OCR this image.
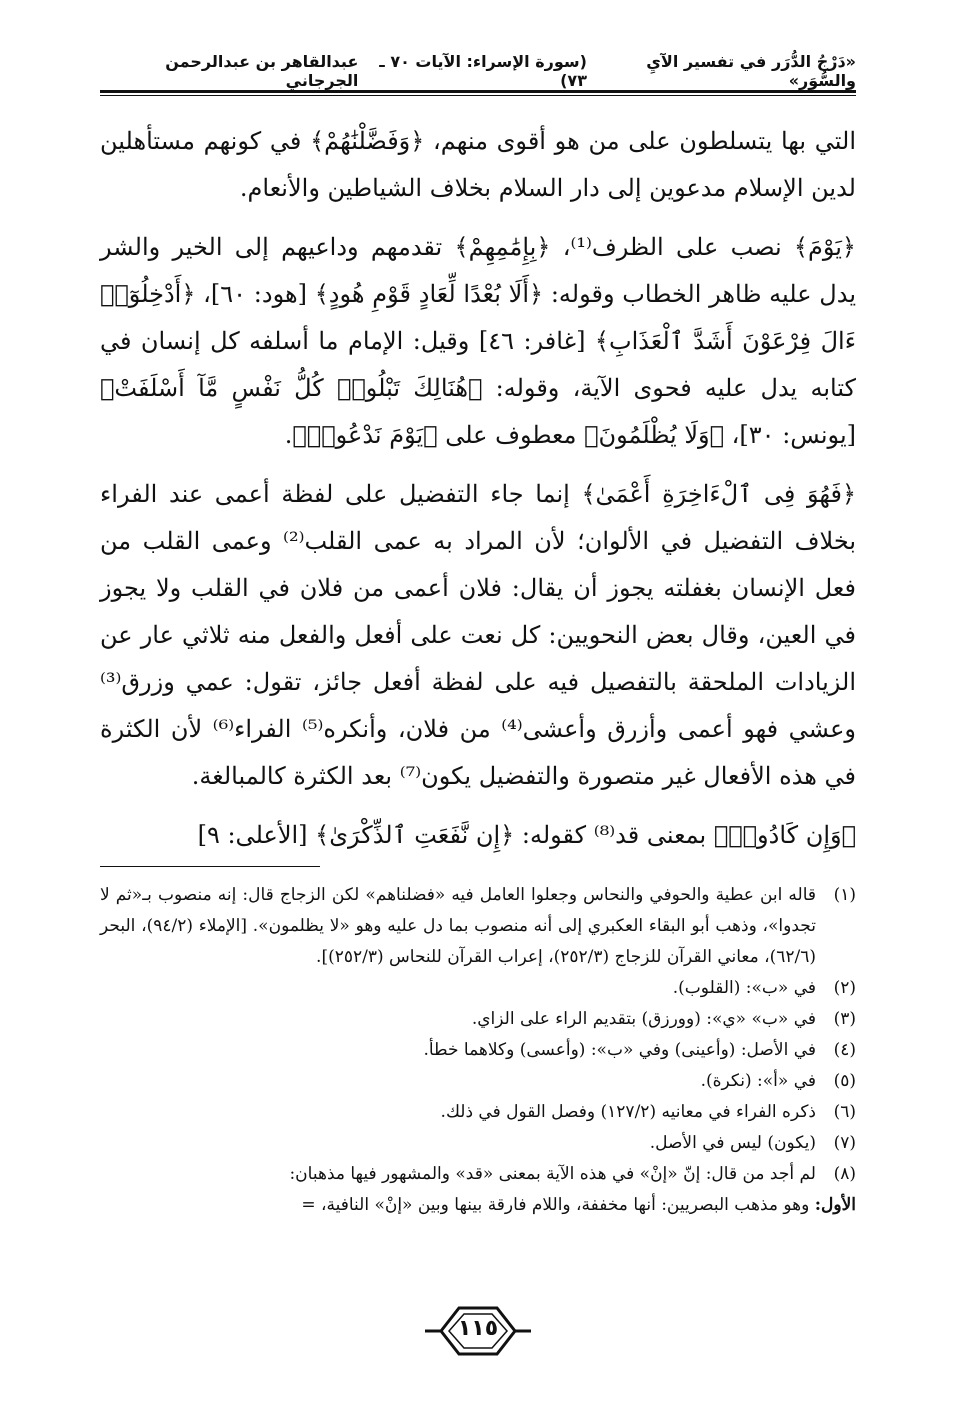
«دَرْجُ الدُّرَر في تفسير الآيِ والسُّوَر»
(سورة الإسراء: الآيات ٧٠ ـ ٧٣)
عبدالقاهر بن عبدالرحمن الجرجاني

التي بها يتسلطون على من هو أقوى منهم، ﴿وَفَضَّلْنَٰهُمْ﴾ في كونهم مستأهلين لدين الإسلام مدعوين إلى دار السلام بخلاف الشياطين والأنعام.

﴿يَوْمَ﴾ نصب على الظرف⁽¹⁾، ﴿بِإِمَٰمِهِمْ﴾ تقدمهم وداعيهم إلى الخير والشر يدل عليه ظاهر الخطاب وقوله: ﴿أَلَا بُعْدًا لِّعَادٍ قَوْمِ هُودٍ﴾ [هود: ٦٠]، ﴿أَدْخِلُوٓا۟ ءَالَ فِرْعَوْنَ أَشَدَّ ٱلْعَذَابِ﴾ [غافر: ٤٦] وقيل: الإمام ما أسلفه كل إنسان في كتابه يدل عليه فحوى الآية، وقوله: ﴿هُنَالِكَ تَبْلُوا۟ كُلُّ نَفْسٍ مَّآ أَسْلَفَتْ﴾ [يونس: ٣٠]، ﴿وَلَا يُظْلَمُونَ﴾ معطوف على ﴿يَوْمَ نَدْعُوا۟﴾.

﴿فَهُوَ فِى ٱلْءَاخِرَةِ أَعْمَىٰ﴾ إنما جاء التفضيل على لفظة أعمى عند الفراء بخلاف التفضيل في الألوان؛ لأن المراد به عمى القلب⁽²⁾ وعمى القلب من فعل الإنسان بغفلته يجوز أن يقال: فلان أعمى من فلان في القلب ولا يجوز في العين، وقال بعض النحويين: كل نعت على أفعل والفعل منه ثلاثي عار عن الزيادات الملحقة بالتفصيل فيه على لفظة أفعل جائز، تقول: عمي وزرق⁽³⁾ وعشي فهو أعمى وأزرق وأعشى⁽⁴⁾ من فلان، وأنكره⁽⁵⁾ الفراء⁽⁶⁾ لأن الكثرة في هذه الأفعال غير متصورة والتفضيل يكون⁽⁷⁾ بعد الكثرة كالمبالغة.

﴿وَإِن كَادُوا۟﴾ بمعنى قد⁽⁸⁾ كقوله: ﴿إِن نَّفَعَتِ ٱلذِّكْرَىٰ﴾ [الأعلى: ٩]

(١)
قاله ابن عطية والحوفي والنحاس وجعلوا العامل فيه «فضلناهم» لكن الزجاج قال: إنه منصوب بـ«ثم لا تجدوا»، وذهب أبو البقاء العكبري إلى أنه منصوب بما دل عليه وهو «لا يظلمون». [الإملاء (٩٤/٢)، البحر (٦٢/٦)، معاني القرآن للزجاج (٢٥٢/٣)، إعراب القرآن للنحاس (٢٥٢/٣)].
(٢)
في «ب»: (القلوب).
(٣)
في «ب» «ي»: (وورزق) بتقديم الراء على الزاي.
(٤)
في الأصل: (وأعينى) وفي «ب»: (وأعسى) وكلاهما خطأ.
(٥)
في «أ»: (نكرة).
(٦)
ذكره الفراء في معانيه (١٢٧/٢) وفصل القول في ذلك.
(٧)
(يكون) ليس في الأصل.
(٨)
لم أجد من قال: إنّ «إنْ» في هذه الآية بمعنى «قد» والمشهور فيها مذهبان:
الأول: وهو مذهب البصريين: أنها مخففة، واللام فارقة بينها وبين «إنْ» النافية، =
١١٥
